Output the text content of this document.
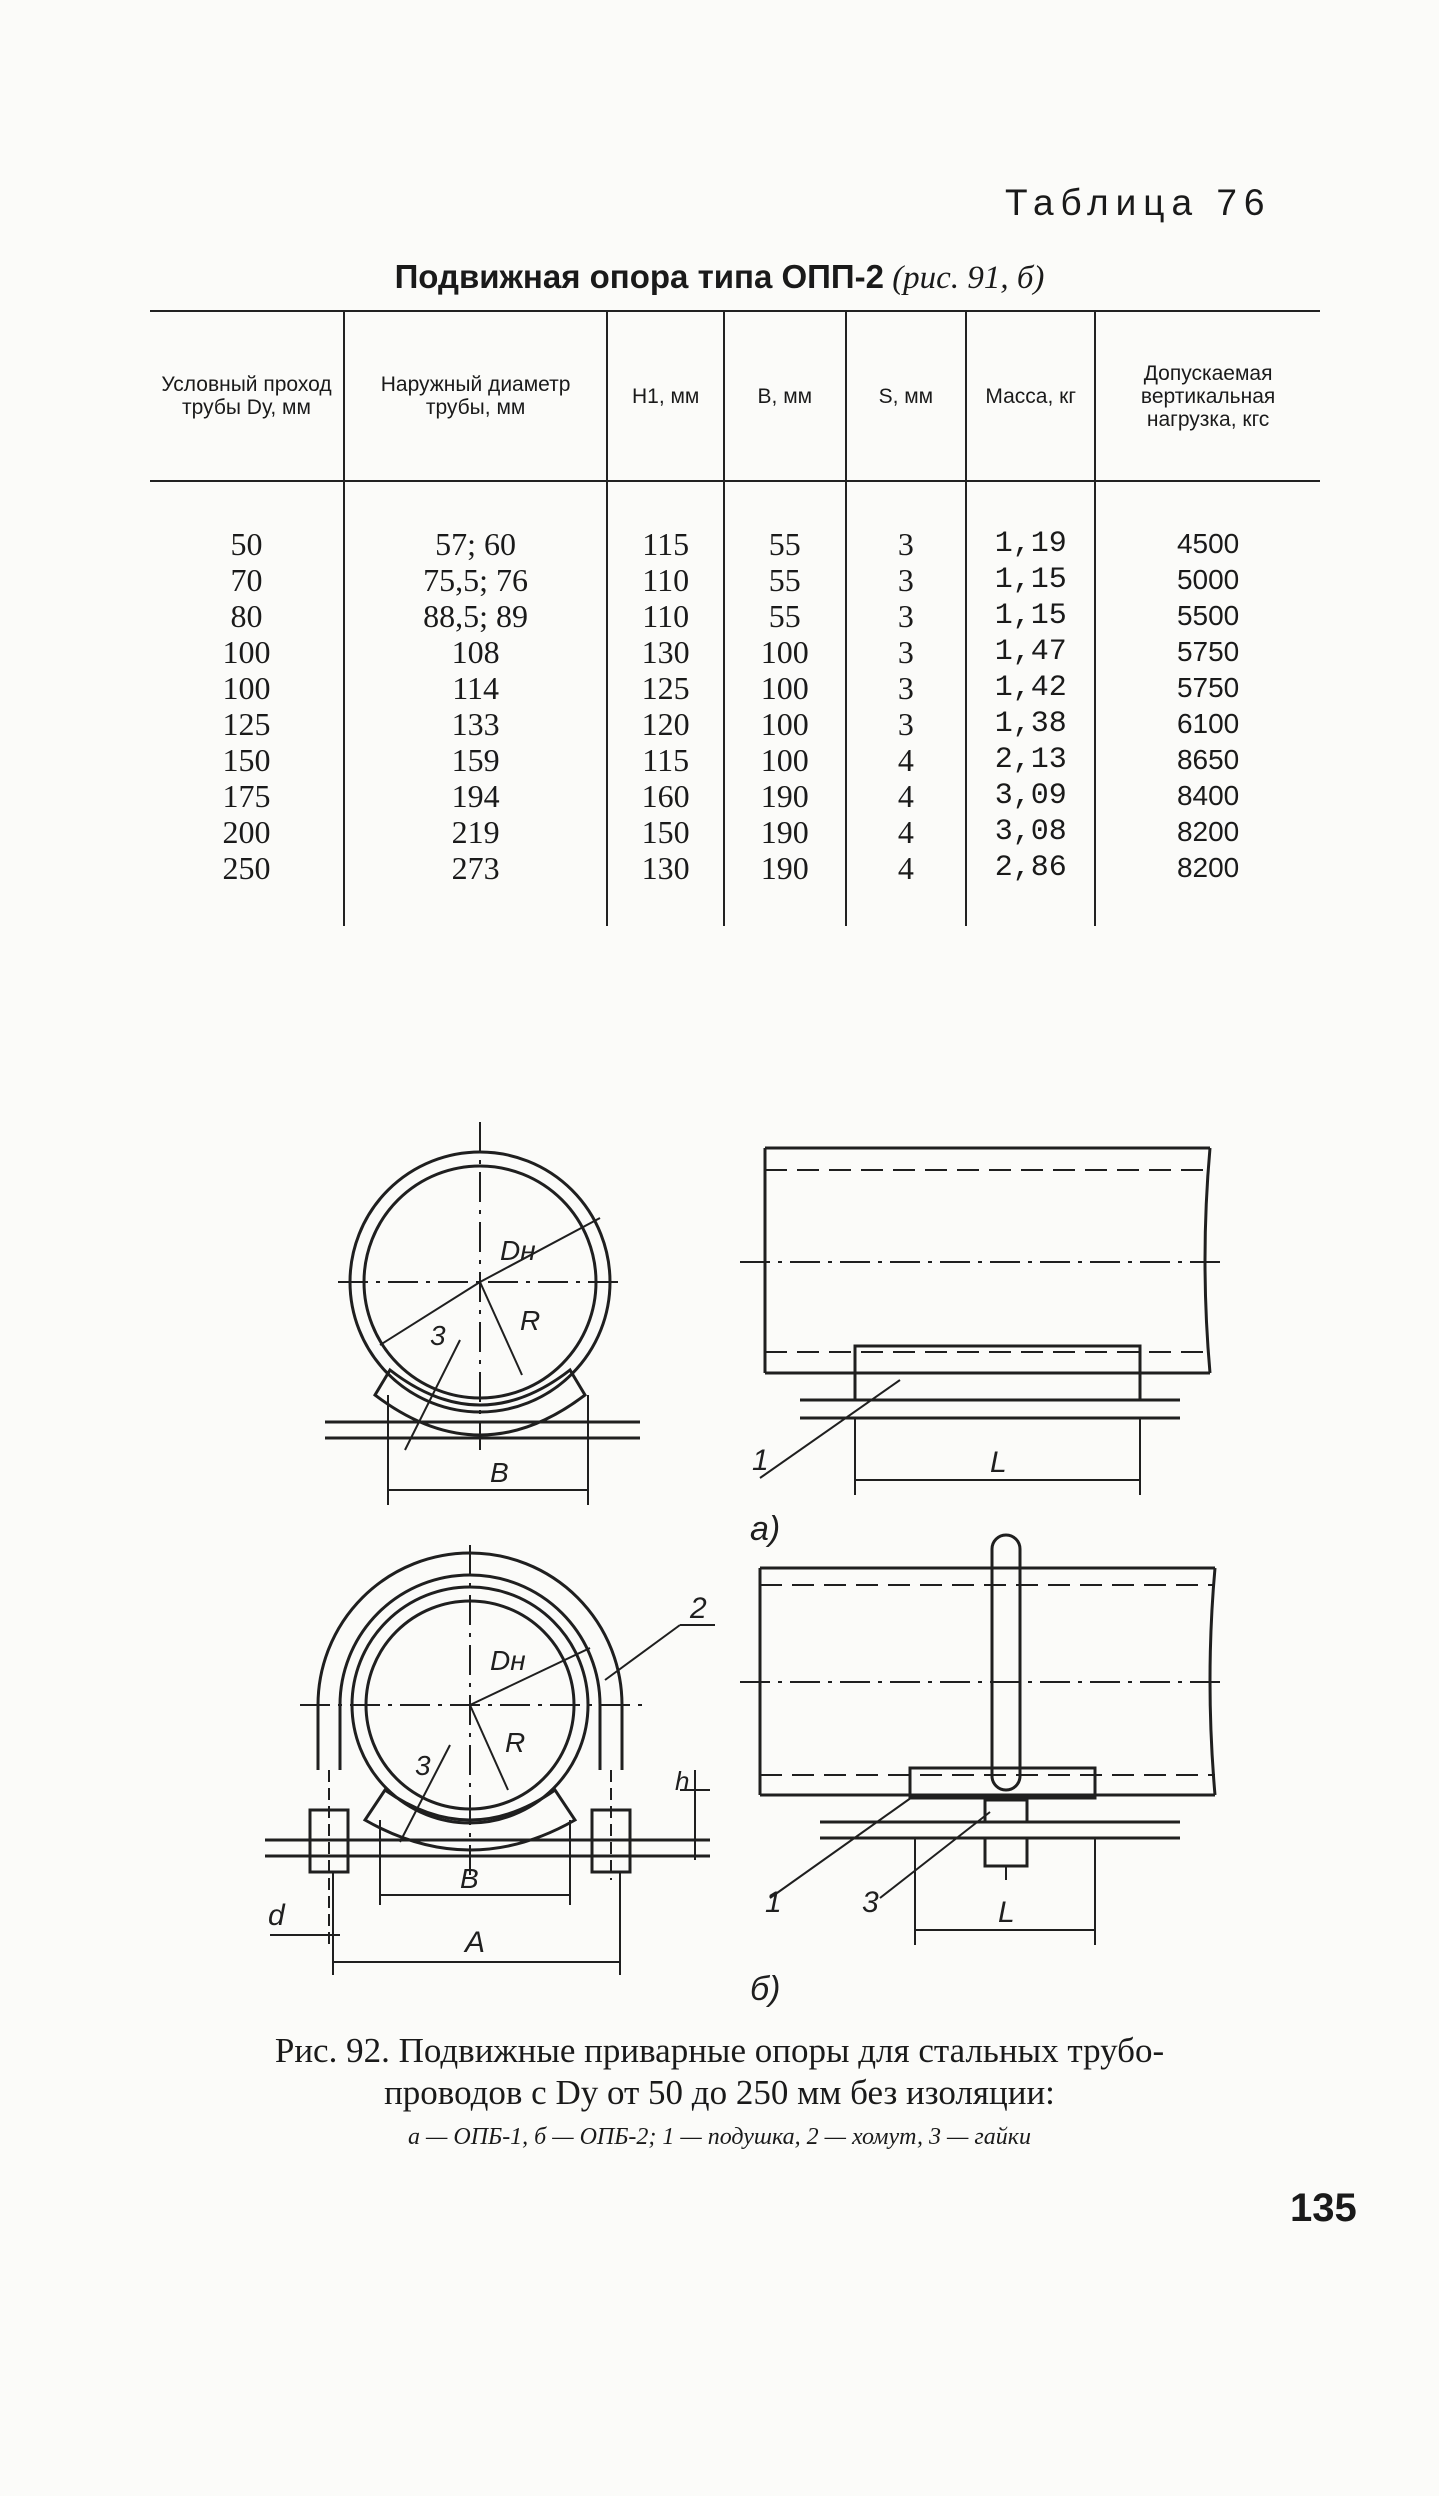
Таблица 76
Подвижная опора типа ОПП-2 (рис. 91, б)
Условный проход трубы Dу, мм	Наружный диаметр трубы, мм	H1, мм	B, мм	S, мм	Масса, кг	Допускаемая вертикальная нагрузка, кгс
50	57; 60	115	55	3	1,19	4500
70	75,5; 76	110	55	3	1,15	5000
80	88,5; 89	110	55	3	1,15	5500
100	108	130	100	3	1,47	5750
100	114	125	100	3	1,42	5750
125	133	120	100	3	1,38	6100
150	159	115	100	4	2,13	8650
175	194	160	190	4	3,09	8400
200	219	150	190	4	3,08	8200
250	273	130	190	4	2,86	8200
Dн
R
3
B	1	L
а)
Dн
R
3
2
h
B
A
d	1	3	L
б)
Рис. 92. Подвижные приварные опоры для стальных трубо-
проводов с Dу от 50 до 250 мм без изоляции:
а — ОПБ-1, б — ОПБ-2; 1 — подушка, 2 — хомут, 3 — гайки
135
